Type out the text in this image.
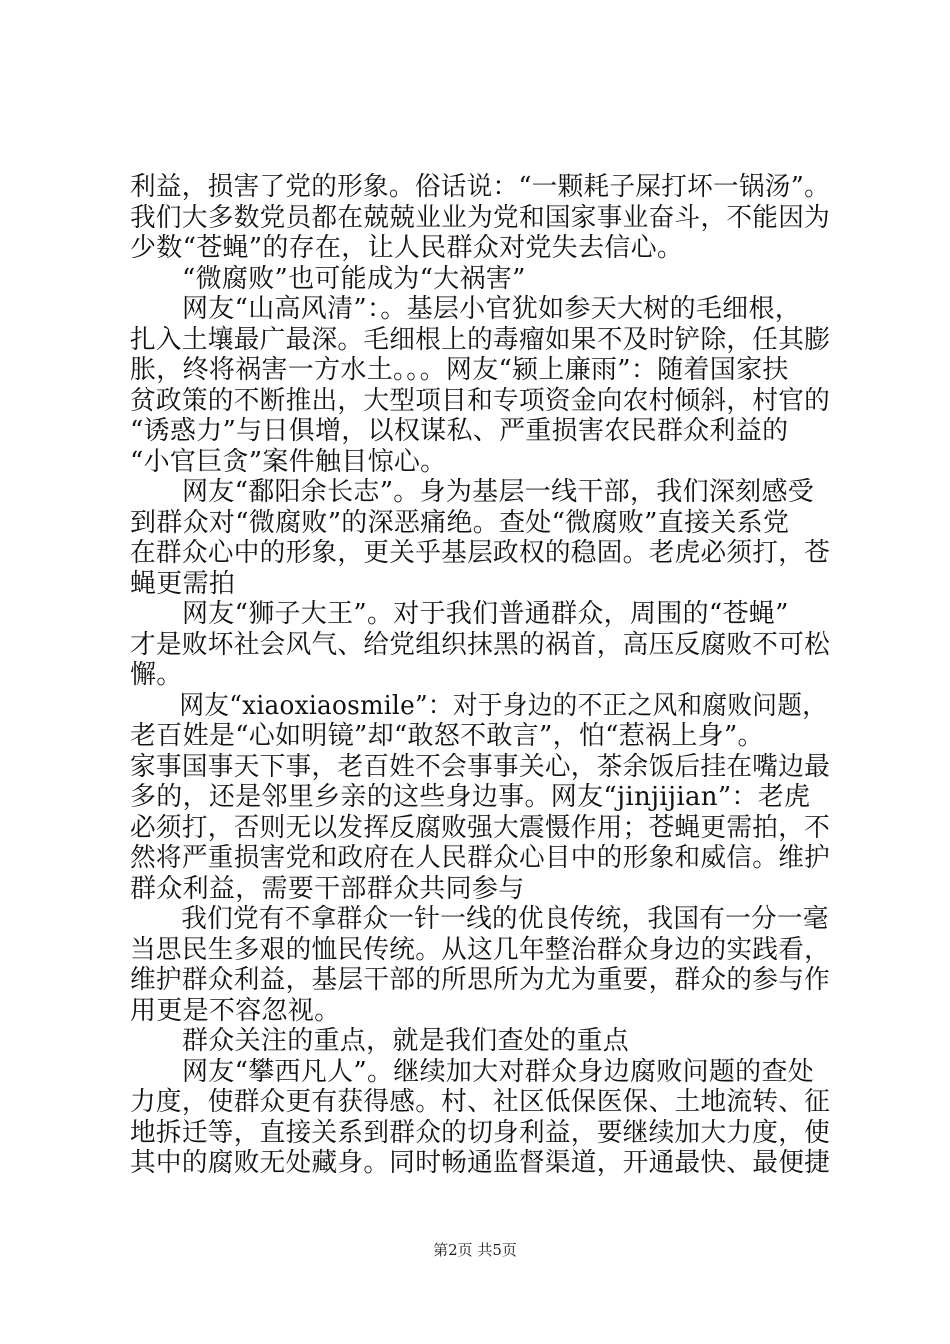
利益，损害了党的形象。俗话说：“一颗耗子屎打坏一锅汤”。
我们大多数党员都在兢兢业业为党和国家事业奋斗，不能因为
少数“苍蝇”的存在，让人民群众对党失去信心。
“微腐败”也可能成为“大祸害”
网友“山高风清”：。基层小官犹如参天大树的毛细根，
扎入土壤最广最深。毛细根上的毒瘤如果不及时铲除，任其膨
胀，终将祸害一方水土。。。网友“颍上廉雨”：随着国家扶
贫政策的不断推出，大型项目和专项资金向农村倾斜，村官的
“诱惑力”与日俱增，以权谋私、严重损害农民群众利益的
“小官巨贪”案件触目惊心。
网友“鄱阳余长志”。身为基层一线干部，我们深刻感受
到群众对“微腐败”的深恶痛绝。查处“微腐败”直接关系党
在群众心中的形象，更关乎基层政权的稳固。老虎必须打，苍
蝇更需拍
网友“狮子大王”。对于我们普通群众，周围的“苍蝇”
才是败坏社会风气、给党组织抹黑的祸首，高压反腐败不可松
懈。
网友“xiaoxiaosmile”：对于身边的不正之风和腐败问题，
老百姓是“心如明镜”却“敢怒不敢言”，怕“惹祸上身”。
家事国事天下事，老百姓不会事事关心，茶余饭后挂在嘴边最
多的，还是邻里乡亲的这些身边事。网友“jinjijian”：老虎
必须打，否则无以发挥反腐败强大震慑作用；苍蝇更需拍，不
然将严重损害党和政府在人民群众心目中的形象和威信。维护
群众利益，需要干部群众共同参与
我们党有不拿群众一针一线的优良传统，我国有一分一毫
当思民生多艰的恤民传统。从这几年整治群众身边的实践看，
维护群众利益，基层干部的所思所为尤为重要，群众的参与作
用更是不容忽视。
群众关注的重点，就是我们查处的重点
网友“攀西凡人”。继续加大对群众身边腐败问题的查处
力度，使群众更有获得感。村、社区低保医保、土地流转、征
地拆迁等，直接关系到群众的切身利益，要继续加大力度，使
其中的腐败无处藏身。同时畅通监督渠道，开通最快、最便捷
第2页 共5页
